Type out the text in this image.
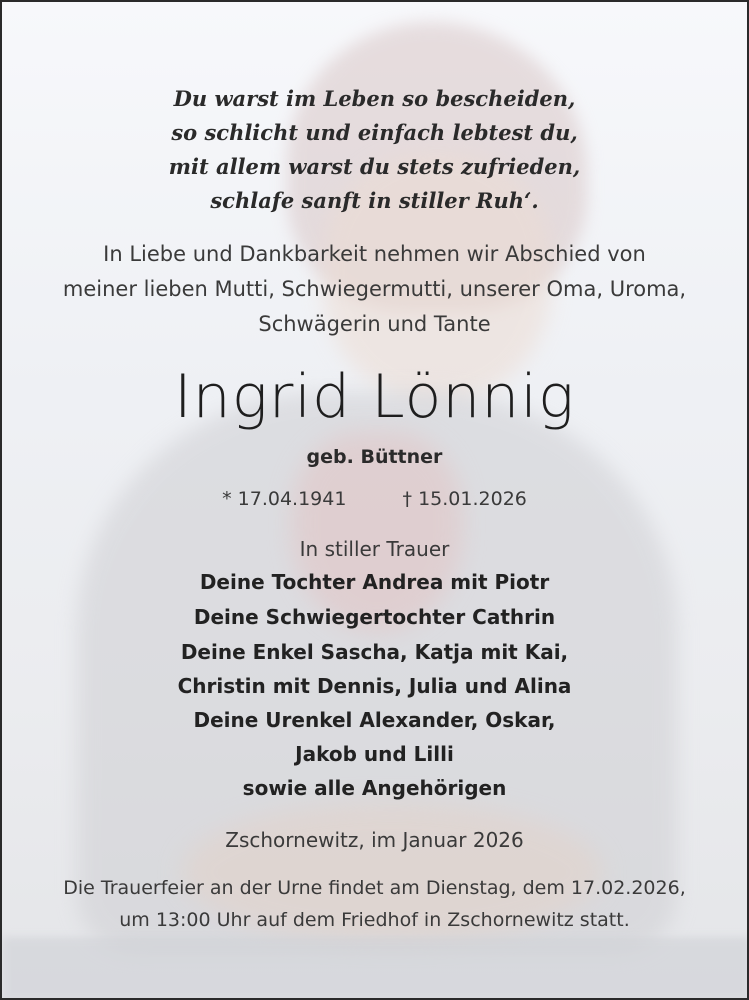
Du warst im Leben so bescheiden,
so schlicht und einfach lebtest du,
mit allem warst du stets zufrieden,
schlafe sanft in stiller Ruh‘.
In Liebe und Dankbarkeit nehmen wir Abschied von
meiner lieben Mutti, Schwiegermutti, unserer Oma, Uroma,
Schwägerin und Tante
Ingrid Lönnig
geb. Büttner
* 17.04.1941	† 15.01.2026
In stiller Trauer
Deine Tochter Andrea mit Piotr
Deine Schwiegertochter Cathrin
Deine Enkel Sascha, Katja mit Kai,
Christin mit Dennis, Julia und Alina
Deine Urenkel Alexander, Oskar,
Jakob und Lilli
sowie alle Angehörigen
Zschornewitz, im Januar 2026
Die Trauerfeier an der Urne findet am Dienstag, dem 17.02.2026,
um 13:00 Uhr auf dem Friedhof in Zschornewitz statt.
